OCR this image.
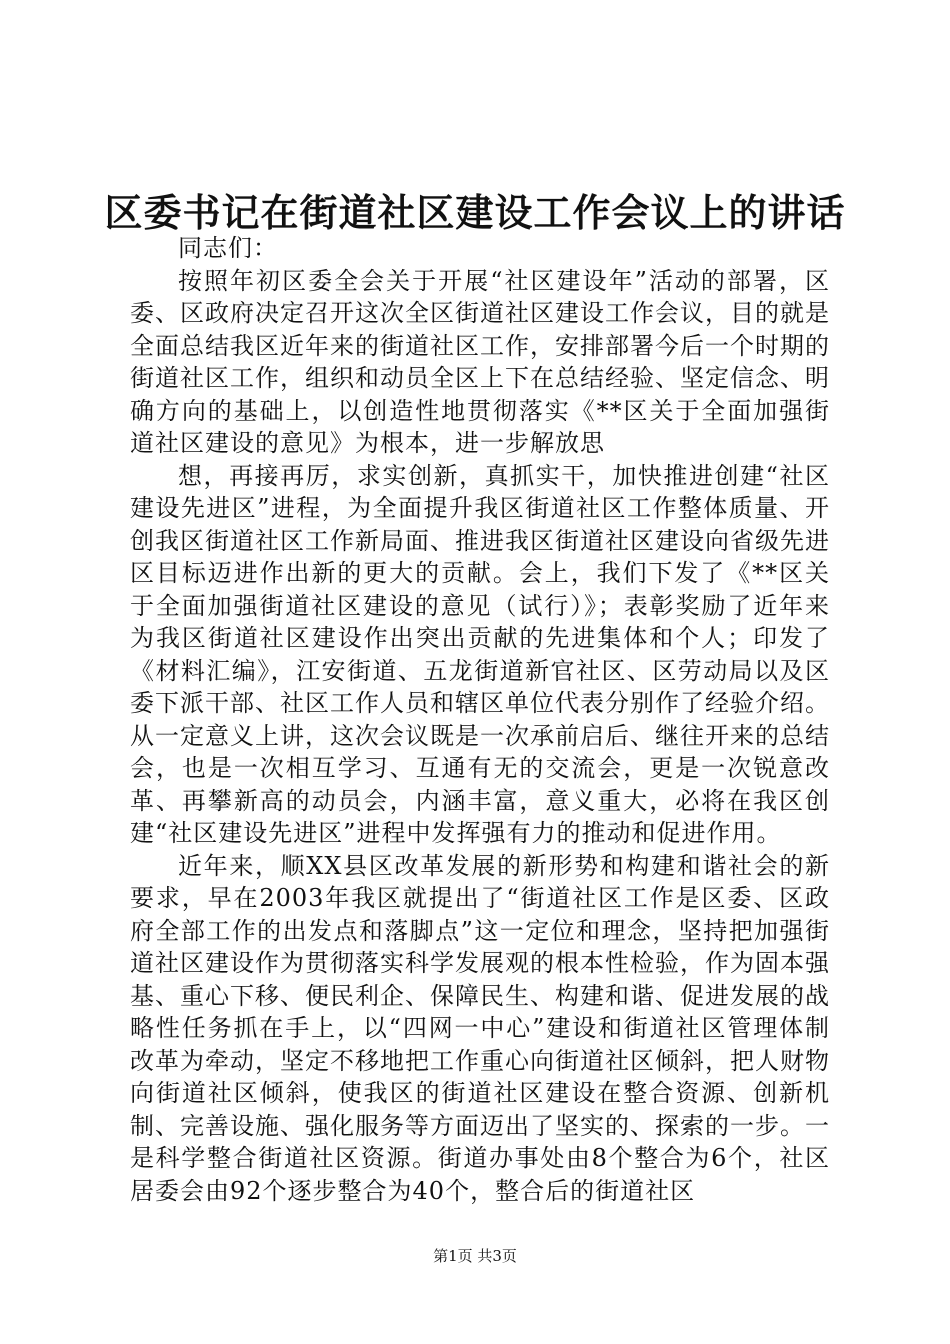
区委书记在街道社区建设工作会议上的讲话

同志们：

按照年初区委全会关于开展“社区建设年”活动的部署，区委、区政府决定召开这次全区街道社区建设工作会议，目的就是全面总结我区近年来的街道社区工作，安排部署今后一个时期的街道社区工作，组织和动员全区上下在总结经验、坚定信念、明确方向的基础上，以创造性地贯彻落实《**区关于全面加强街道社区建设的意见》为根本，进一步解放思

想，再接再厉，求实创新，真抓实干，加快推进创建“社区建设先进区”进程，为全面提升我区街道社区工作整体质量、开创我区街道社区工作新局面、推进我区街道社区建设向省级先进区目标迈进作出新的更大的贡献。会上，我们下发了《**区关于全面加强街道社区建设的意见（试行）》；表彰奖励了近年来为我区街道社区建设作出突出贡献的先进集体和个人；印发了《材料汇编》，江安街道、五龙街道新官社区、区劳动局以及区委下派干部、社区工作人员和辖区单位代表分别作了经验介绍。从一定意义上讲，这次会议既是一次承前启后、继往开来的总结会，也是一次相互学习、互通有无的交流会，更是一次锐意改革、再攀新高的动员会，内涵丰富，意义重大，必将在我区创建“社区建设先进区”进程中发挥强有力的推动和促进作用。

近年来，顺XX县区改革发展的新形势和构建和谐社会的新要求，早在2003年我区就提出了“街道社区工作是区委、区政府全部工作的出发点和落脚点”这一定位和理念，坚持把加强街道社区建设作为贯彻落实科学发展观的根本性检验，作为固本强基、重心下移、便民利企、保障民生、构建和谐、促进发展的战略性任务抓在手上，以“四网一中心”建设和街道社区管理体制改革为牵动，坚定不移地把工作重心向街道社区倾斜，把人财物向街道社区倾斜，使我区的街道社区建设在整合资源、创新机制、完善设施、强化服务等方面迈出了坚实的、探索的一步。一是科学整合街道社区资源。街道办事处由8个整合为6个，社区居委会由92个逐步整合为40个，整合后的街道社区

第1页 共3页
